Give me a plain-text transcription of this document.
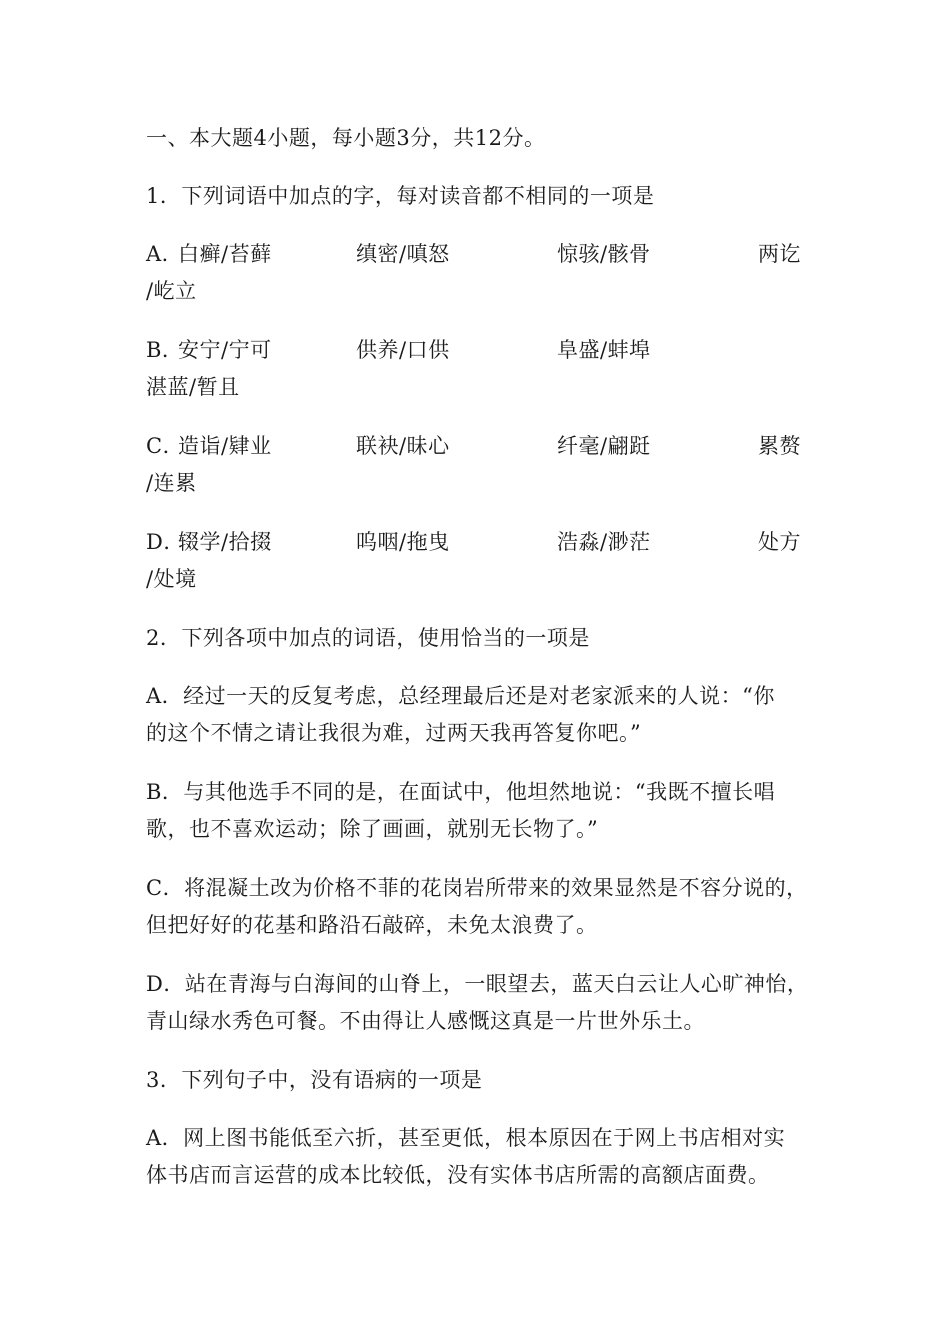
一、本大题4小题，每小题3分，共12分。
1．下列词语中加点的字，每对读音都不相同的一项是
A．
白癣/苔藓	缜密/嗔怒	惊骇/骸骨	两讫
/屹立
B．
安宁/宁可	供养/口供	阜盛/蚌埠
湛蓝/暂且
C．
造诣/肄业	联袂/昧心	纤毫/翩跹	累赘
/连累
D．
辍学/拾掇	呜咽/拖曳	浩淼/渺茫	处方
/处境
2．下列各项中加点的词语，使用恰当的一项是
A．经过一天的反复考虑，总经理最后还是对老家派来的人说：“你
的这个不情之请让我很为难，过两天我再答复你吧。”
B．与其他选手不同的是，在面试中，他坦然地说：“我既不擅长唱
歌，也不喜欢运动；除了画画，就别无长物了。”
C．将混凝土改为价格不菲的花岗岩所带来的效果显然是不容分说的，
但把好好的花基和路沿石敲碎，未免太浪费了。
D．站在青海与白海间的山脊上，一眼望去，蓝天白云让人心旷神怡，
青山绿水秀色可餐。不由得让人感慨这真是一片世外乐土。
3．下列句子中，没有语病的一项是
A．网上图书能低至六折，甚至更低，根本原因在于网上书店相对实
体书店而言运营的成本比较低，没有实体书店所需的高额店面费。
